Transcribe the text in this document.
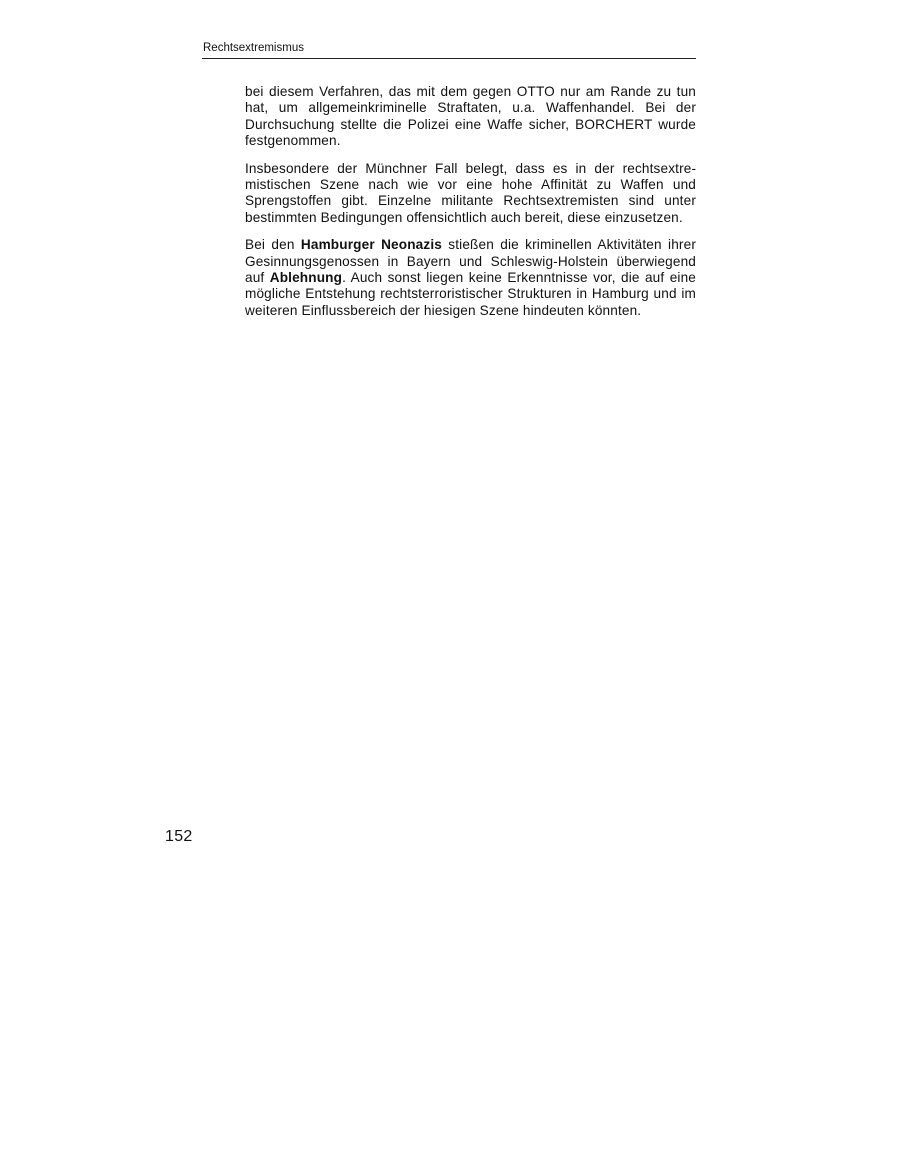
Rechtsextremismus

bei diesem Verfahren, das mit dem gegen OTTO nur am Rande zu tun hat, um allgemeinkriminelle Straftaten, u.a. Waffenhandel. Bei der Durchsuchung stellte die Polizei eine Waffe sicher, BORCHERT wurde festgenommen.

Insbesondere der Münchner Fall belegt, dass es in der rechtsextremistischen Szene nach wie vor eine hohe Affinität zu Waffen und Sprengstoffen gibt. Einzelne militante Rechtsextremisten sind unter bestimmten Bedingungen offensichtlich auch bereit, diese einzusetzen.

Bei den Hamburger Neonazis stießen die kriminellen Aktivitäten ihrer Gesinnungsgenossen in Bayern und Schleswig-Holstein überwiegend auf Ablehnung. Auch sonst liegen keine Erkenntnisse vor, die auf eine mögliche Entstehung rechtsterroristischer Strukturen in Hamburg und im weiteren Einflussbereich der hiesigen Szene hindeuten könnten.

152
